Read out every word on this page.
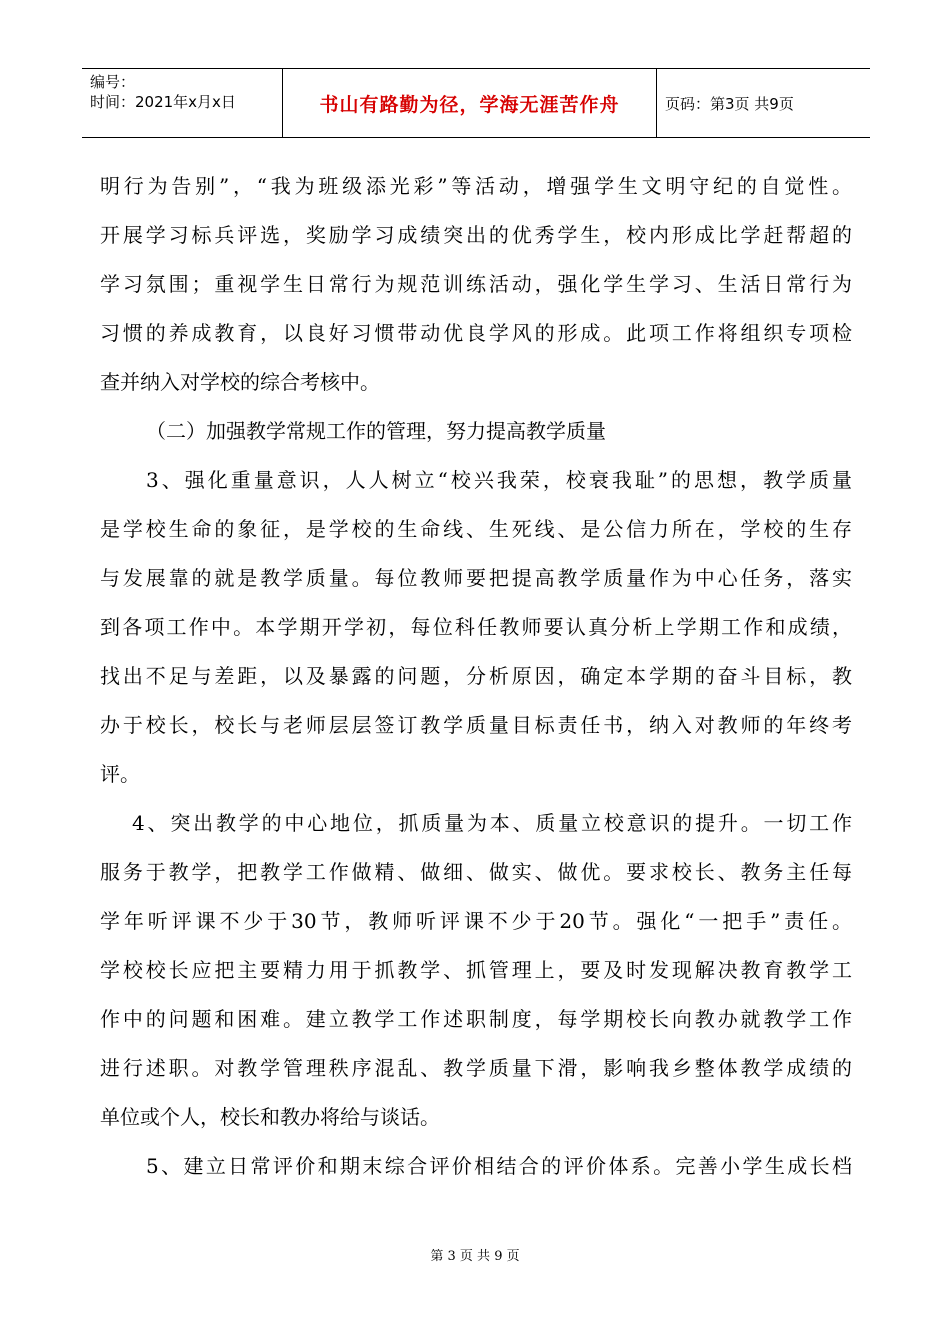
编号：
时间：2021年x月x日	书山有路勤为径，学海无涯苦作舟	页码：第3页 共9页
明行为告别”，“我为班级添光彩”等活动，增强学生文明守纪的自觉性。
开展学习标兵评选，奖励学习成绩突出的优秀学生，校内形成比学赶帮超的
学习氛围；重视学生日常行为规范训练活动，强化学生学习、生活日常行为
习惯的养成教育，以良好习惯带动优良学风的形成。此项工作将组织专项检
查并纳入对学校的综合考核中。
（二）加强教学常规工作的管理，努力提高教学质量
3、强化重量意识，人人树立“校兴我荣，校衰我耻”的思想，教学质量
是学校生命的象征，是学校的生命线、生死线、是公信力所在，学校的生存
与发展靠的就是教学质量。每位教师要把提高教学质量作为中心任务，落实
到各项工作中。本学期开学初，每位科任教师要认真分析上学期工作和成绩，
找出不足与差距，以及暴露的问题，分析原因，确定本学期的奋斗目标，教
办于校长，校长与老师层层签订教学质量目标责任书，纳入对教师的年终考
评。
4、突出教学的中心地位，抓质量为本、质量立校意识的提升。一切工作
服务于教学，把教学工作做精、做细、做实、做优。要求校长、教务主任每
学年听评课不少于30节，教师听评课不少于20节。强化“一把手”责任。
学校校长应把主要精力用于抓教学、抓管理上，要及时发现解决教育教学工
作中的问题和困难。建立教学工作述职制度，每学期校长向教办就教学工作
进行述职。对教学管理秩序混乱、教学质量下滑，影响我乡整体教学成绩的
单位或个人，校长和教办将给与谈话。
5、建立日常评价和期末综合评价相结合的评价体系。完善小学生成长档
第 3 页 共 9 页
